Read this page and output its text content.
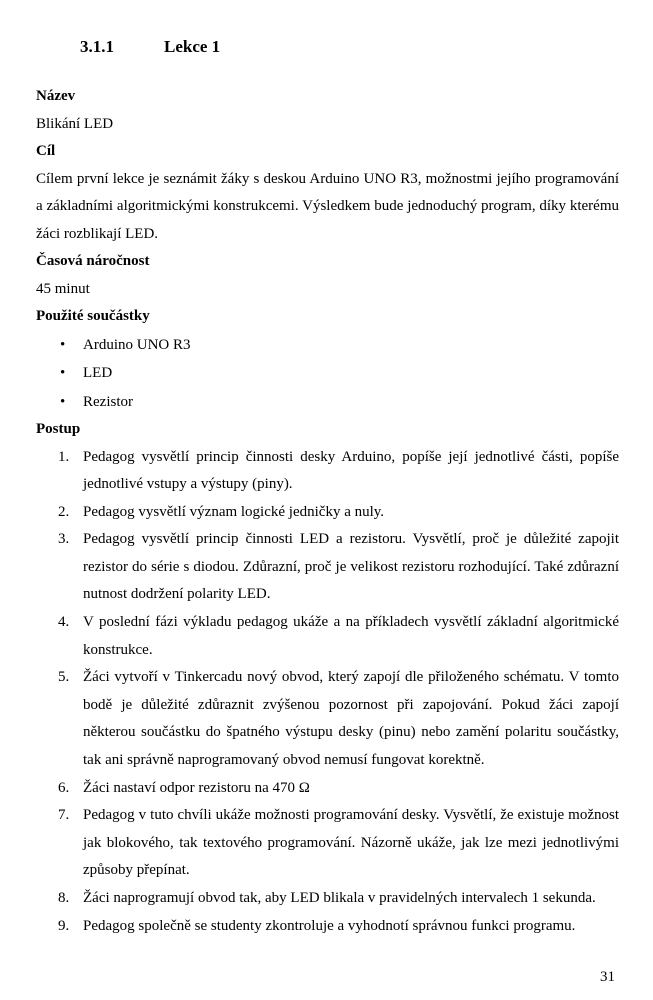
3.1.1	Lekce 1
Název
Blikání LED
Cíl
Cílem první lekce je seznámit žáky s deskou Arduino UNO R3, možnostmi jejího programování a základními algoritmickými konstrukcemi. Výsledkem bude jednoduchý program, díky kterému žáci rozblikají LED.
Časová náročnost
45 minut
Použité součástky
• Arduino UNO R3
• LED
• Rezistor
Postup
1. Pedagog vysvětlí princip činnosti desky Arduino, popíše její jednotlivé části, popíše jednotlivé vstupy a výstupy (piny).
2. Pedagog vysvětlí význam logické jedničky a nuly.
3. Pedagog vysvětlí princip činnosti LED a rezistoru. Vysvětlí, proč je důležité zapojit rezistor do série s diodou. Zdůrazní, proč je velikost rezistoru rozhodující. Také zdůrazní nutnost dodržení polarity LED.
4. V poslední fázi výkladu pedagog ukáže a na příkladech vysvětlí základní algoritmické konstrukce.
5. Žáci vytvoří v Tinkercadu nový obvod, který zapojí dle přiloženého schématu. V tomto bodě je důležité zdůraznit zvýšenou pozornost při zapojování. Pokud žáci zapojí některou součástku do špatného výstupu desky (pinu) nebo zamění polaritu součástky, tak ani správně naprogramovaný obvod nemusí fungovat korektně.
6. Žáci nastaví odpor rezistoru na 470 Ω
7. Pedagog v tuto chvíli ukáže možnosti programování desky. Vysvětlí, že existuje možnost jak blokového, tak textového programování. Názorně ukáže, jak lze mezi jednotlivými způsoby přepínat.
8. Žáci naprogramují obvod tak, aby LED blikala v pravidelných intervalech 1 sekunda.
9. Pedagog společně se studenty zkontroluje a vyhodnotí správnou funkci programu.
31
